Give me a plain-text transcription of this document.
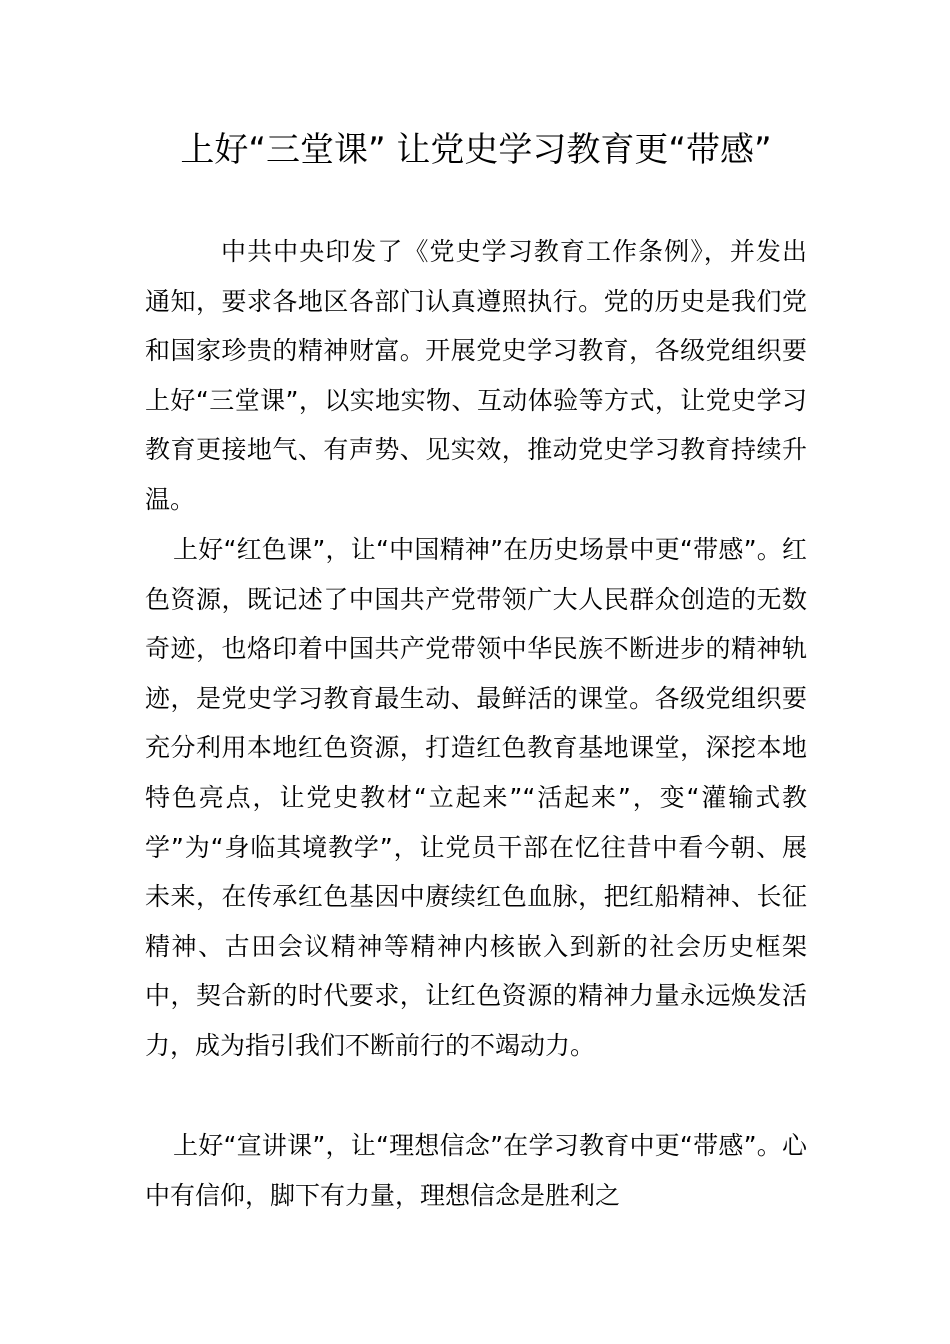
上好“三堂课” 让党史学习教育更“带感”

中共中央印发了《党史学习教育工作条例》，并发出通知，要求各地区各部门认真遵照执行。党的历史是我们党和国家珍贵的精神财富。开展党史学习教育，各级党组织要上好“三堂课”，以实地实物、互动体验等方式，让党史学习教育更接地气、有声势、见实效，推动党史学习教育持续升温。

上好“红色课”，让“中国精神”在历史场景中更“带感”。红色资源，既记述了中国共产党带领广大人民群众创造的无数奇迹，也烙印着中国共产党带领中华民族不断进步的精神轨迹，是党史学习教育最生动、最鲜活的课堂。各级党组织要充分利用本地红色资源，打造红色教育基地课堂，深挖本地特色亮点，让党史教材“立起来”“活起来”，变“灌输式教学”为“身临其境教学”，让党员干部在忆往昔中看今朝、展未来，在传承红色基因中赓续红色血脉，把红船精神、长征精神、古田会议精神等精神内核嵌入到新的社会历史框架中，契合新的时代要求，让红色资源的精神力量永远焕发活力，成为指引我们不断前行的不竭动力。

上好“宣讲课”，让“理想信念”在学习教育中更“带感”。心中有信仰，脚下有力量，理想信念是胜利之
